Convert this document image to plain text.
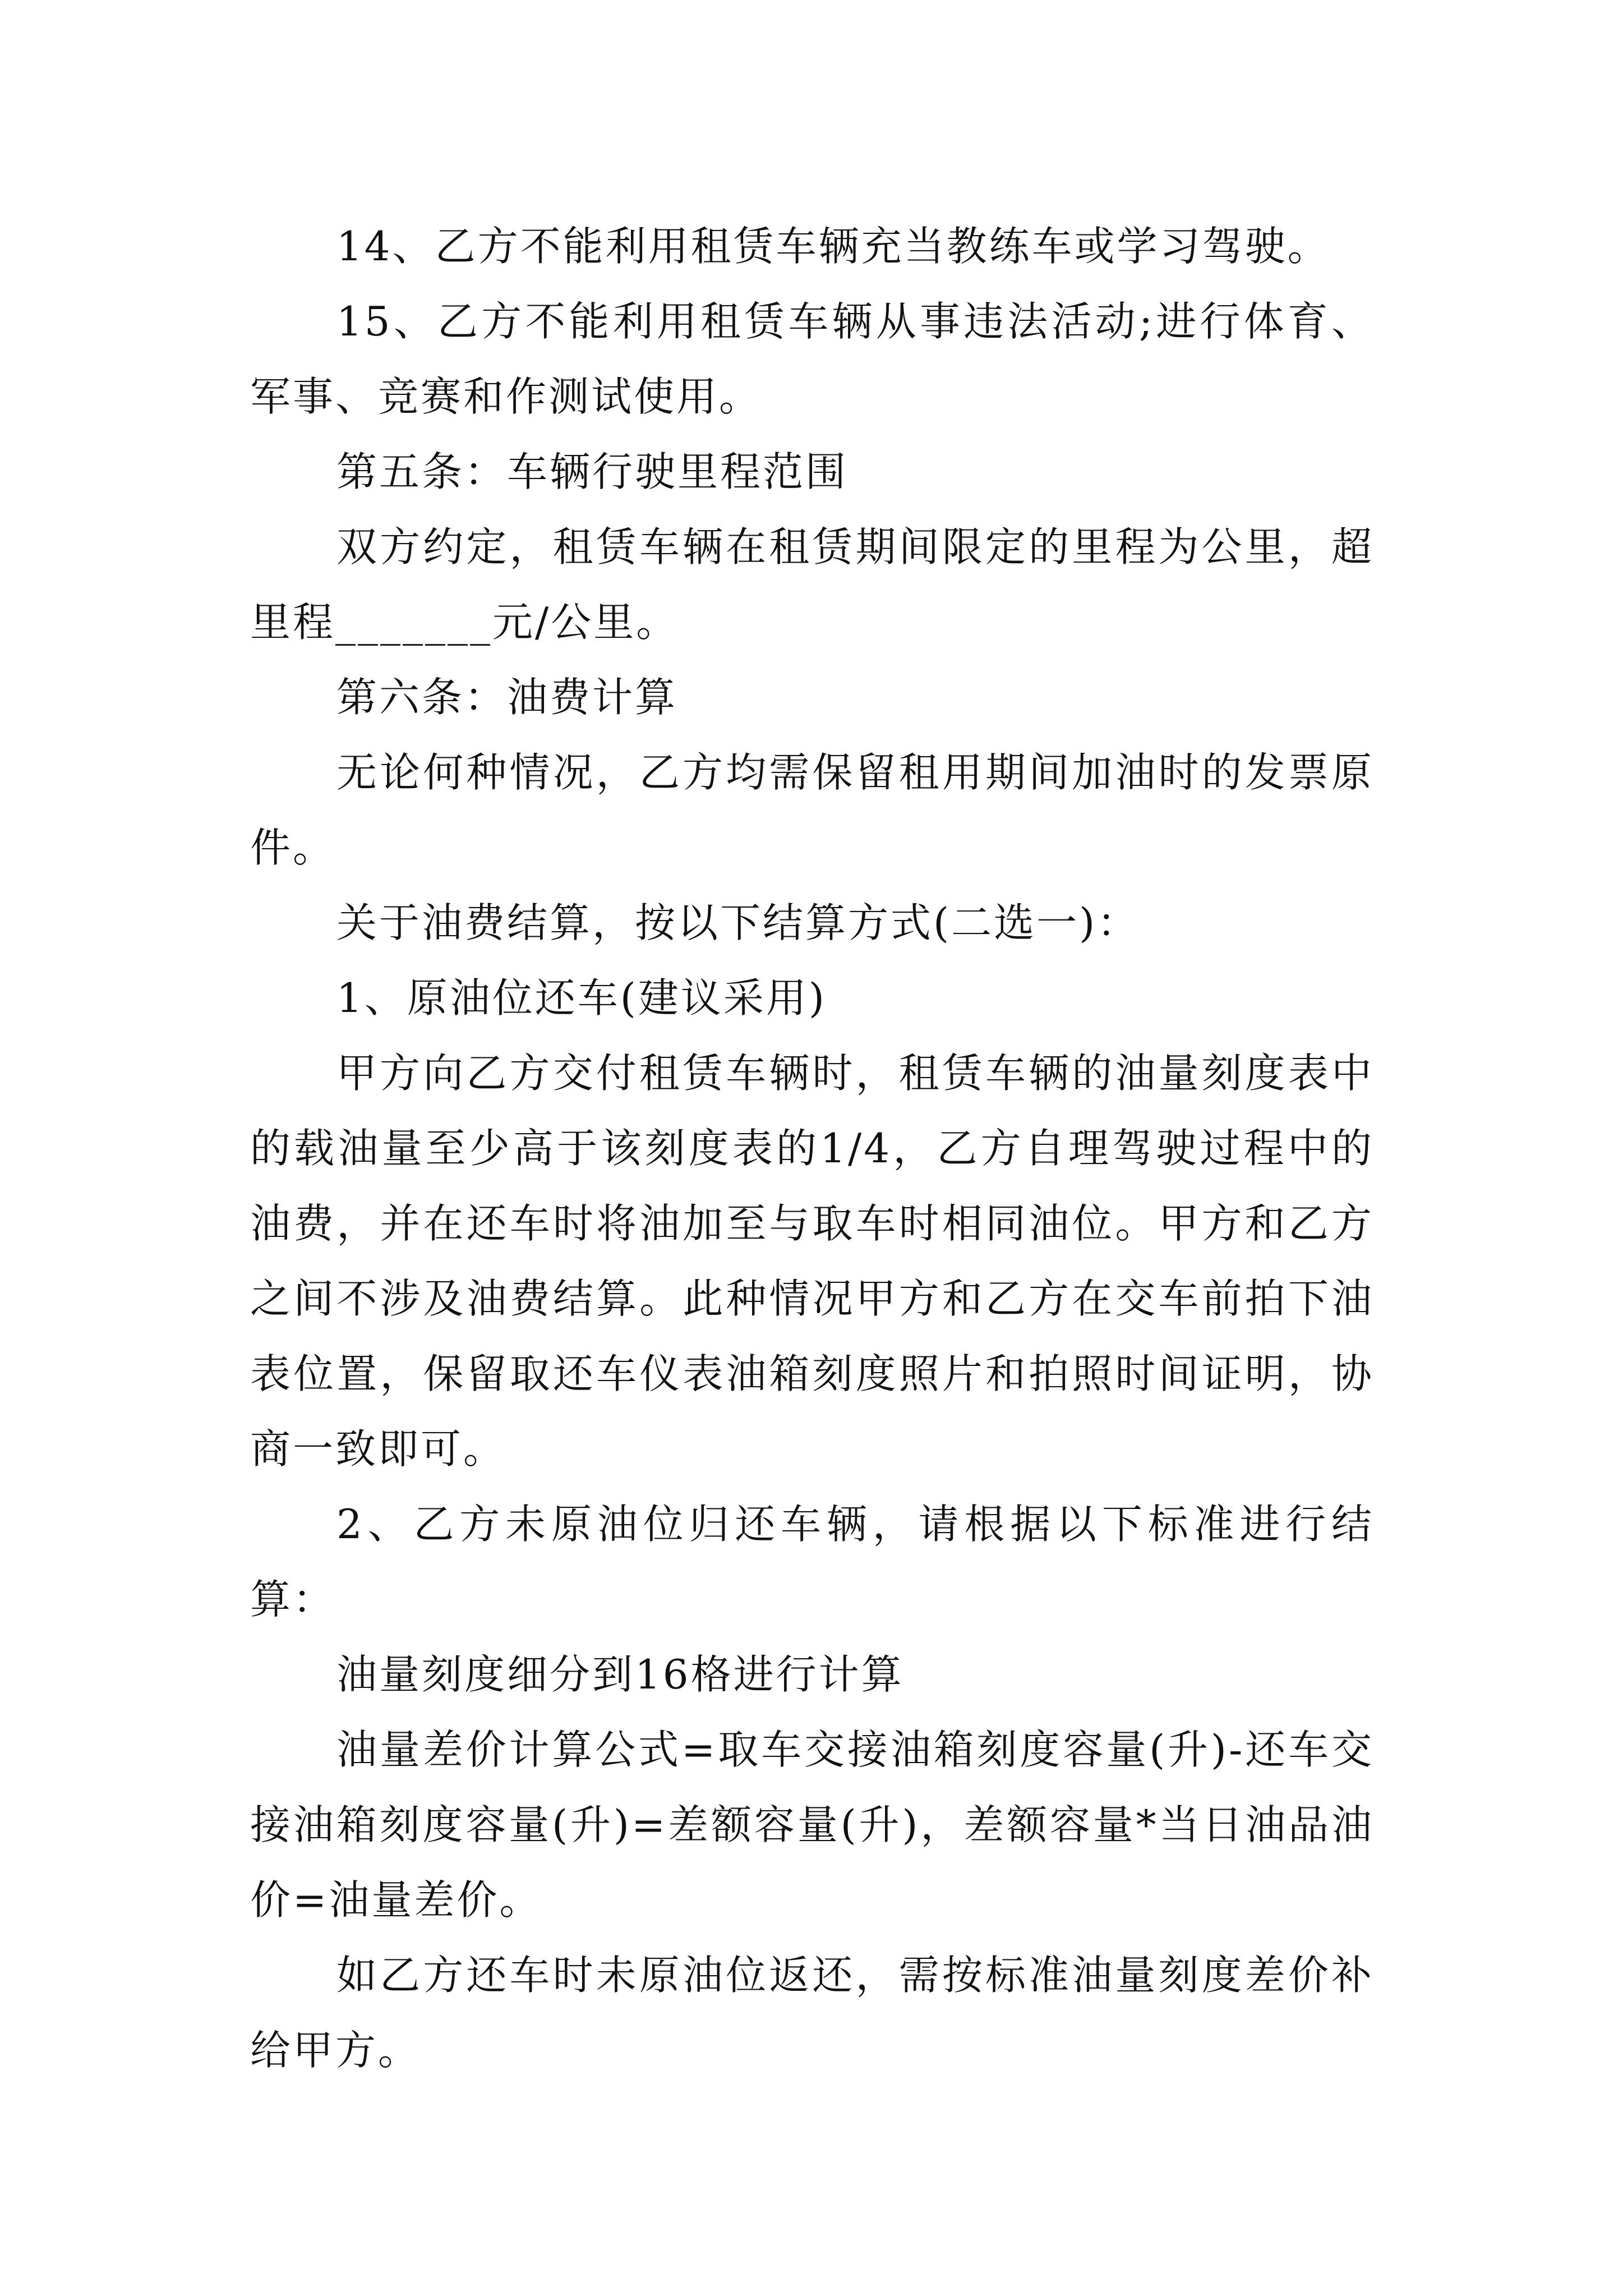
14、乙方不能利用租赁车辆充当教练车或学习驾驶。

15、乙方不能利用租赁车辆从事违法活动;进行体育、军事、竞赛和作测试使用。

第五条：车辆行驶里程范围

双方约定，租赁车辆在租赁期间限定的里程为公里，超里程_______元/公里。

第六条：油费计算

无论何种情况，乙方均需保留租用期间加油时的发票原件。

关于油费结算，按以下结算方式(二选一)：

1、原油位还车(建议采用)

甲方向乙方交付租赁车辆时，租赁车辆的油量刻度表中的载油量至少高于该刻度表的1/4，乙方自理驾驶过程中的油费，并在还车时将油加至与取车时相同油位。甲方和乙方之间不涉及油费结算。此种情况甲方和乙方在交车前拍下油表位置，保留取还车仪表油箱刻度照片和拍照时间证明，协商一致即可。

2、乙方未原油位归还车辆，请根据以下标准进行结算：

油量刻度细分到16格进行计算

油量差价计算公式=取车交接油箱刻度容量(升)-还车交接油箱刻度容量(升)=差额容量(升)，差额容量*当日油品油价=油量差价。

如乙方还车时未原油位返还，需按标准油量刻度差价补给甲方。
